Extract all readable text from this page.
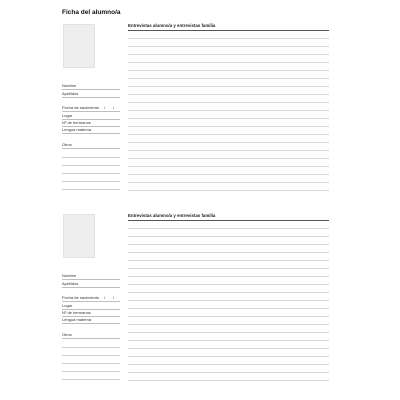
Ficha del alumno/a
Nombre
Apellidos
Fecha de nacimiento / /
Lugar
Nº de hermanos
Lengua materna
Otros
Entrevistas alumno/a y entrevistas familia
Nombre
Apellidos
Fecha de nacimiento / /
Lugar
Nº de hermanos
Lengua materna
Otros
Entrevistas alumno/a y entrevistas familia
